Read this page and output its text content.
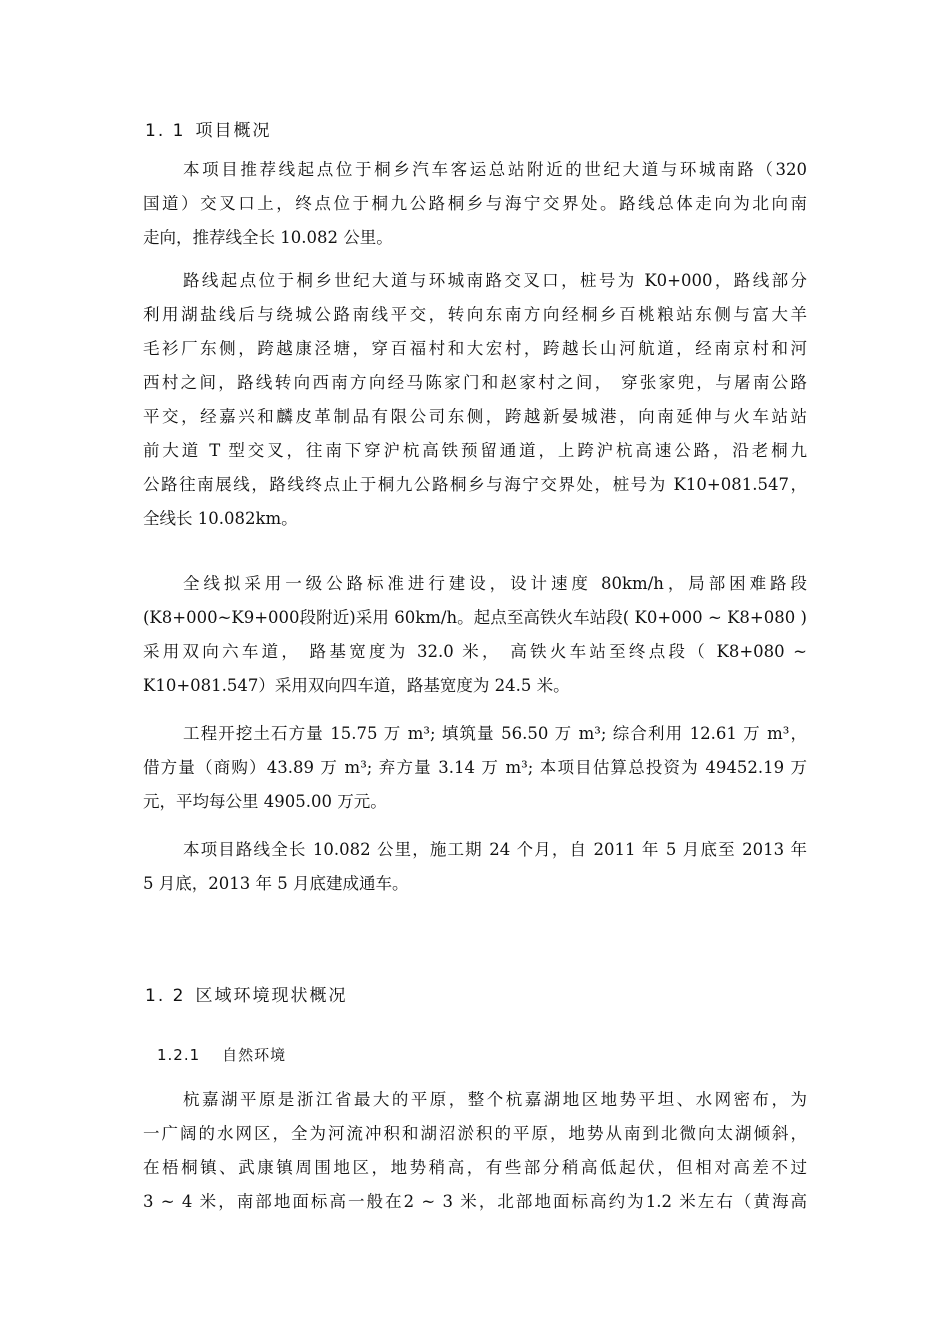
1. 1 项目概况
本项目推荐线起点位于桐乡汽车客运总站附近的世纪大道与环城南路（320
国道）交叉口上，终点位于桐九公路桐乡与海宁交界处。路线总体走向为北向南
走向，推荐线全长 10.082 公里。
路线起点位于桐乡世纪大道与环城南路交叉口，桩号为 K0+000，路线部分
利用湖盐线后与绕城公路南线平交，转向东南方向经桐乡百桃粮站东侧与富大羊
毛衫厂东侧，跨越康泾塘，穿百福村和大宏村，跨越长山河航道，经南京村和河
西村之间，路线转向西南方向经马陈家门和赵家村之间， 穿张家兜，与屠南公路
平交，经嘉兴和麟皮革制品有限公司东侧，跨越新晏城港，向南延伸与火车站站
前大道 T 型交叉，往南下穿沪杭高铁预留通道，上跨沪杭高速公路，沿老桐九
公路往南展线，路线终点止于桐九公路桐乡与海宁交界处，桩号为 K10+081.547，
全线长 10.082km。
全线拟采用一级公路标准进行建设，设计速度 80km/h，局部困难路段
(K8+000~K9+000段附近)采用 60km/h。起点至高铁火车站段( K0+000 ~ K8+080 )
采用双向六车道， 路基宽度为 32.0 米， 高铁火车站至终点段（ K8+080 ~
K10+081.547）采用双向四车道，路基宽度为 24.5 米。
工程开挖土石方量 15.75 万 m³; 填筑量 56.50 万 m³; 综合利用 12.61 万 m³，
借方量（商购）43.89 万 m³; 弃方量 3.14 万 m³; 本项目估算总投资为 49452.19 万
元，平均每公里 4905.00 万元。
本项目路线全长 10.082 公里，施工期 24 个月，自 2011 年 5 月底至 2013 年
5 月底，2013 年 5 月底建成通车。
1. 2 区域环境现状概况
1.2.1 自然环境
杭嘉湖平原是浙江省最大的平原，整个杭嘉湖地区地势平坦、水网密布，为
一广阔的水网区，全为河流冲积和湖沼淤积的平原，地势从南到北微向太湖倾斜，
在梧桐镇、武康镇周围地区，地势稍高，有些部分稍高低起伏，但相对高差不过
3 ~ 4 米，南部地面标高一般在2 ~ 3 米，北部地面标高约为1.2 米左右（黄海高
